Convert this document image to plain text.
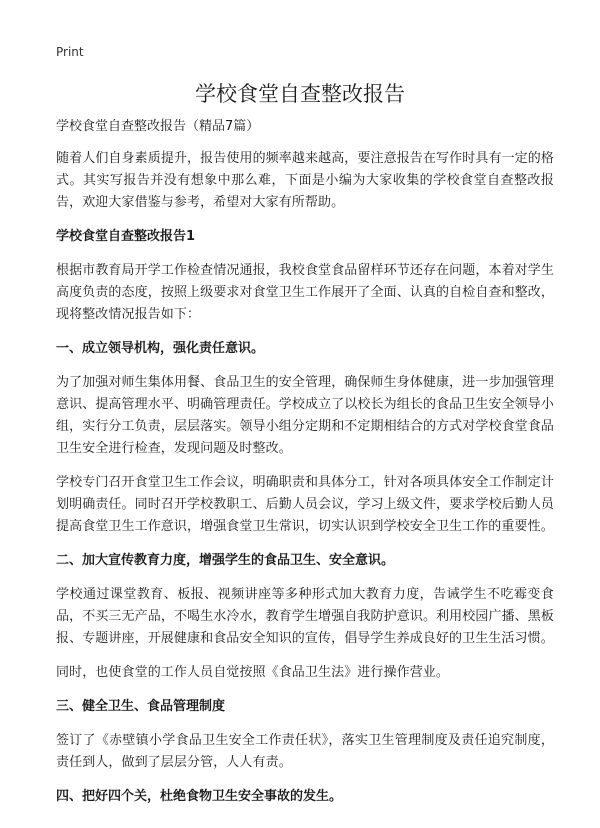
Print
学校食堂自查整改报告

学校食堂自查整改报告（精品7篇）

随着人们自身素质提升，报告使用的频率越来越高，要注意报告在写作时具有一定的格式。其实写报告并没有想象中那么难，下面是小编为大家收集的学校食堂自查整改报告，欢迎大家借鉴与参考，希望对大家有所帮助。

学校食堂自查整改报告1

根据市教育局开学工作检查情况通报，我校食堂食品留样环节还存在问题，本着对学生高度负责的态度，按照上级要求对食堂卫生工作展开了全面、认真的自检自查和整改，现将整改情况报告如下：

一、成立领导机构，强化责任意识。

为了加强对师生集体用餐、食品卫生的安全管理，确保师生身体健康，进一步加强管理意识、提高管理水平、明确管理责任。学校成立了以校长为组长的食品卫生安全领导小组，实行分工负责，层层落实。领导小组分定期和不定期相结合的方式对学校食堂食品卫生安全进行检查，发现问题及时整改。

学校专门召开食堂卫生工作会议，明确职责和具体分工，针对各项具体安全工作制定计划明确责任。同时召开学校教职工、后勤人员会议，学习上级文件，要求学校后勤人员提高食堂卫生工作意识，增强食堂卫生常识，切实认识到学校安全卫生工作的重要性。

二、加大宣传教育力度，增强学生的食品卫生、安全意识。

学校通过课堂教育、板报、视频讲座等多种形式加大教育力度，告诫学生不吃霉变食品，不买三无产品，不喝生水冷水，教育学生增强自我防护意识。利用校园广播、黑板报、专题讲座，开展健康和食品安全知识的宣传，倡导学生养成良好的卫生生活习惯。

同时，也使食堂的工作人员自觉按照《食品卫生法》进行操作营业。

三、健全卫生、食品管理制度

签订了《赤壁镇小学食品卫生安全工作责任状》，落实卫生管理制度及责任追究制度，责任到人，做到了层层分管，人人有责。

四、把好四个关，杜绝食物卫生安全事故的发生。
